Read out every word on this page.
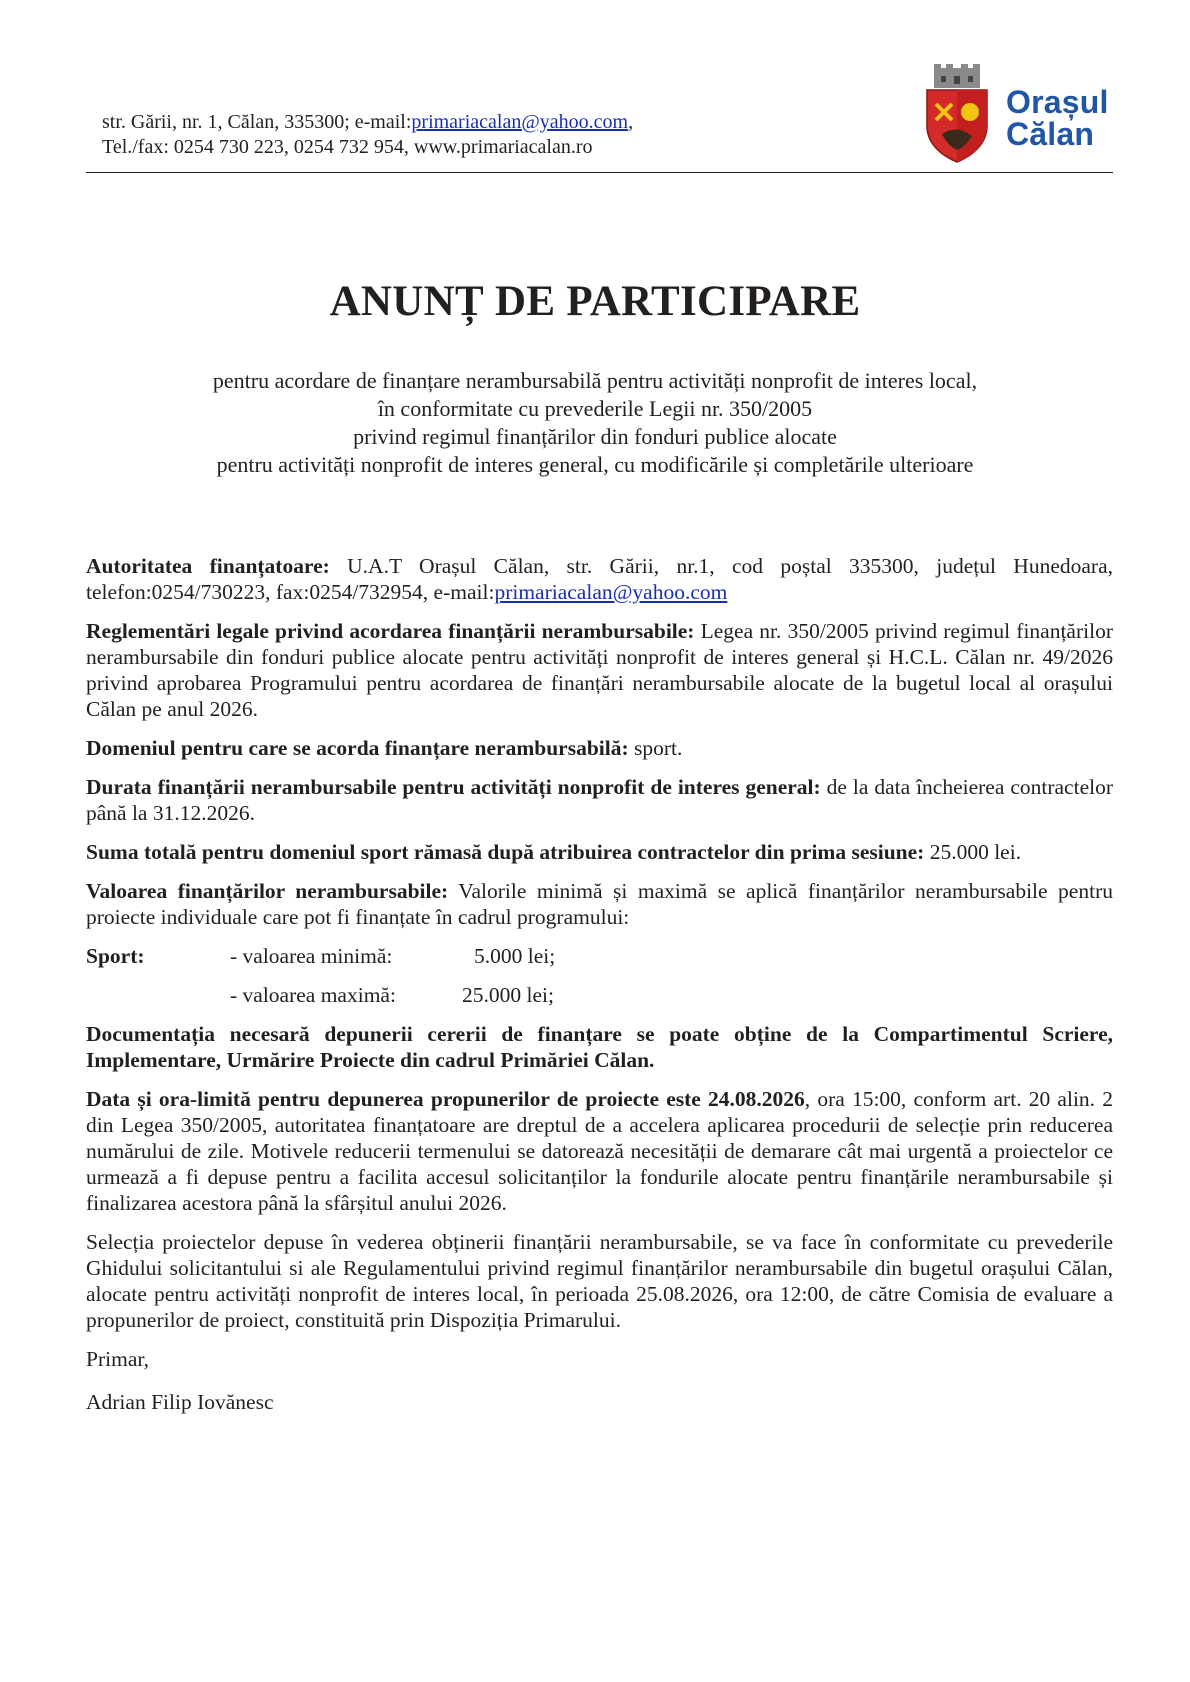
str. Gării, nr. 1, Călan, 335300; e-mail:primariacalan@yahoo.com,
Tel./fax: 0254 730 223, 0254 732 954, www.primariacalan.ro
Orașul
Călan
ANUNȚ DE PARTICIPARE
pentru acordare de finanțare nerambursabilă pentru activități nonprofit de interes local,
în conformitate cu prevederile Legii nr. 350/2005
privind regimul finanțărilor din fonduri publice alocate
pentru activități nonprofit de interes general, cu modificările și completările ulterioare

Autoritatea finanțatoare: U.A.T Orașul Călan, str. Gării, nr.1, cod poștal 335300, județul Hunedoara, telefon:0254/730223, fax:0254/732954, e-mail:primariacalan@yahoo.com

Reglementări legale privind acordarea finanțării nerambursabile: Legea nr. 350/2005 privind regimul finanțărilor nerambursabile din fonduri publice alocate pentru activități nonprofit de interes general și H.C.L. Călan nr. 49/2026 privind aprobarea Programului pentru acordarea de finanțări nerambursabile alocate de la bugetul local al orașului Călan pe anul 2026.

Domeniul pentru care se acorda finanțare nerambursabilă: sport.

Durata finanțării nerambursabile pentru activități nonprofit de interes general: de la data încheierea contractelor până la 31.12.2026.

Suma totală pentru domeniul sport rămasă după atribuirea contractelor din prima sesiune: 25.000 lei.

Valoarea finanțărilor nerambursabile: Valorile minimă și maximă se aplică finanțărilor nerambursabile pentru proiecte individuale care pot fi finanțate în cadrul programului:

Sport:	- valoarea minimă:	5.000 lei;
- valoarea maximă:	25.000 lei;

Documentația necesară depunerii cererii de finanțare se poate obține de la Compartimentul Scriere, Implementare, Urmărire Proiecte din cadrul Primăriei Călan.

Data și ora-limită pentru depunerea propunerilor de proiecte este 24.08.2026, ora 15:00, conform art. 20 alin. 2 din Legea 350/2005, autoritatea finanțatoare are dreptul de a accelera aplicarea procedurii de selecție prin reducerea numărului de zile. Motivele reducerii termenului se datorează necesității de demarare cât mai urgentă a proiectelor ce urmează a fi depuse pentru a facilita accesul solicitanților la fondurile alocate pentru finanțările nerambursabile și finalizarea acestora până la sfârșitul anului 2026.

Selecția proiectelor depuse în vederea obținerii finanțării nerambursabile, se va face în conformitate cu prevederile Ghidului solicitantului si ale Regulamentului privind regimul finanțărilor nerambursabile din bugetul orașului Călan, alocate pentru activități nonprofit de interes local, în perioada 25.08.2026, ora 12:00, de către Comisia de evaluare a propunerilor de proiect, constituită prin Dispoziția Primarului.

Primar,

Adrian Filip Iovănesc
